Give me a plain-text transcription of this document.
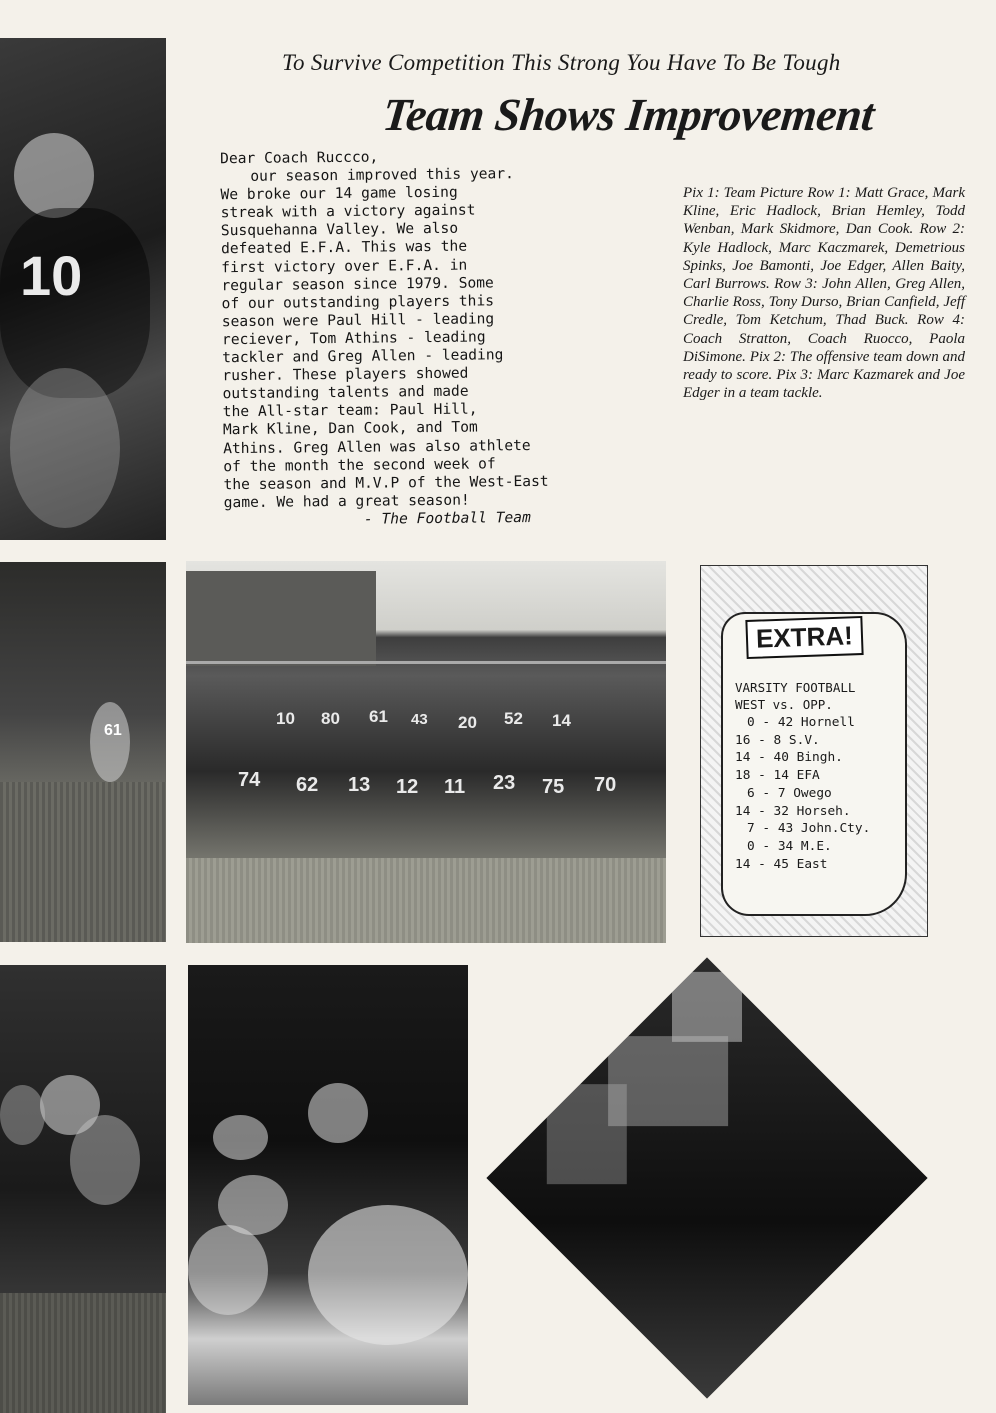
10
To Survive Competition This Strong You Have To Be Tough
Team Shows Improvement
Dear Coach Ruccco,
our season improved this year.
We broke our 14 game losing
streak with a victory against
Susquehanna Valley. We also
defeated E.F.A. This was the
first victory over E.F.A. in
regular season since 1979. Some
of our outstanding players this
season were Paul Hill - leading
reciever, Tom Athins - leading
tackler and Greg Allen - leading
rusher. These players showed
outstanding talents and made
the All-star team: Paul Hill,
Mark Kline, Dan Cook, and Tom
Athins. Greg Allen was also athlete
of the month the second week of
the season and M.V.P of the West-East
game. We had a great season!
- The Football Team
Pix 1: Team Picture Row 1: Matt Grace, Mark Kline, Eric Hadlock, Brian Hemley, Todd Wenban, Mark Skidmore, Dan Cook. Row 2: Kyle Hadlock, Marc Kaczmarek, Demetrious Spinks, Joe Bamonti, Joe Edger, Allen Baity, Carl Burrows. Row 3: John Allen, Greg Allen, Charlie Ross, Tony Durso, Brian Canfield, Jeff Credle, Tom Ketchum, Thad Buck. Row 4: Coach Stratton, Coach Ruocco, Paola DiSimone. Pix 2: The offensive team down and ready to score. Pix 3: Marc Kazmarek and Joe Edger in a team tackle.
61
10 80 61 43 20 52 14
74 62 13 12 11 23 75 70
EXTRA!
VARSITY FOOTBALL
WEST vs. OPP.
0 - 42 Hornell
16 - 8 S.V.
14 - 40 Bingh.
18 - 14 EFA
6 - 7 Owego
14 - 32 Horseh.
7 - 43 John.Cty.
0 - 34 M.E.
14 - 45 East
